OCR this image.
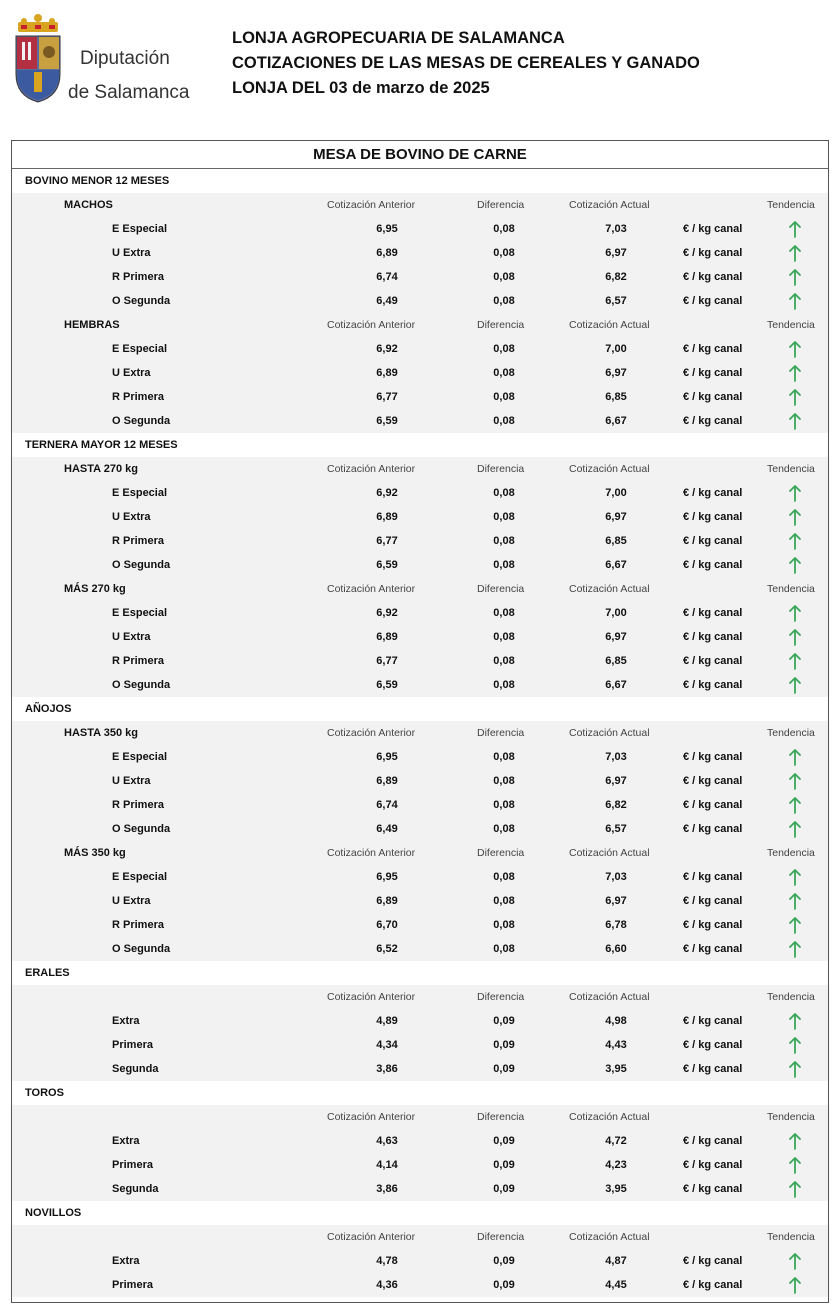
Diputación
de Salamanca
LONJA AGROPECUARIA DE SALAMANCA
COTIZACIONES DE LAS MESAS DE CEREALES Y GANADO
LONJA DEL 03 de marzo de 2025
MESA DE BOVINO DE CARNE
BOVINO MENOR 12 MESES
MACHOS	Cotización Anterior	Diferencia	Cotización Actual	Tendencia
E Especial	6,95	0,08	7,03	€ / kg canal
U Extra	6,89	0,08	6,97	€ / kg canal
R Primera	6,74	0,08	6,82	€ / kg canal
O Segunda	6,49	0,08	6,57	€ / kg canal
HEMBRAS	Cotización Anterior	Diferencia	Cotización Actual	Tendencia
E Especial	6,92	0,08	7,00	€ / kg canal
U Extra	6,89	0,08	6,97	€ / kg canal
R Primera	6,77	0,08	6,85	€ / kg canal
O Segunda	6,59	0,08	6,67	€ / kg canal
TERNERA MAYOR 12 MESES
HASTA 270 kg	Cotización Anterior	Diferencia	Cotización Actual	Tendencia
E Especial	6,92	0,08	7,00	€ / kg canal
U Extra	6,89	0,08	6,97	€ / kg canal
R Primera	6,77	0,08	6,85	€ / kg canal
O Segunda	6,59	0,08	6,67	€ / kg canal
MÁS 270 kg	Cotización Anterior	Diferencia	Cotización Actual	Tendencia
E Especial	6,92	0,08	7,00	€ / kg canal
U Extra	6,89	0,08	6,97	€ / kg canal
R Primera	6,77	0,08	6,85	€ / kg canal
O Segunda	6,59	0,08	6,67	€ / kg canal
AÑOJOS
HASTA 350 kg	Cotización Anterior	Diferencia	Cotización Actual	Tendencia
E Especial	6,95	0,08	7,03	€ / kg canal
U Extra	6,89	0,08	6,97	€ / kg canal
R Primera	6,74	0,08	6,82	€ / kg canal
O Segunda	6,49	0,08	6,57	€ / kg canal
MÁS 350 kg	Cotización Anterior	Diferencia	Cotización Actual	Tendencia
E Especial	6,95	0,08	7,03	€ / kg canal
U Extra	6,89	0,08	6,97	€ / kg canal
R Primera	6,70	0,08	6,78	€ / kg canal
O Segunda	6,52	0,08	6,60	€ / kg canal
ERALES
Cotización Anterior	Diferencia	Cotización Actual	Tendencia
Extra	4,89	0,09	4,98	€ / kg canal
Primera	4,34	0,09	4,43	€ / kg canal
Segunda	3,86	0,09	3,95	€ / kg canal
TOROS
Cotización Anterior	Diferencia	Cotización Actual	Tendencia
Extra	4,63	0,09	4,72	€ / kg canal
Primera	4,14	0,09	4,23	€ / kg canal
Segunda	3,86	0,09	3,95	€ / kg canal
NOVILLOS
Cotización Anterior	Diferencia	Cotización Actual	Tendencia
Extra	4,78	0,09	4,87	€ / kg canal
Primera	4,36	0,09	4,45	€ / kg canal
